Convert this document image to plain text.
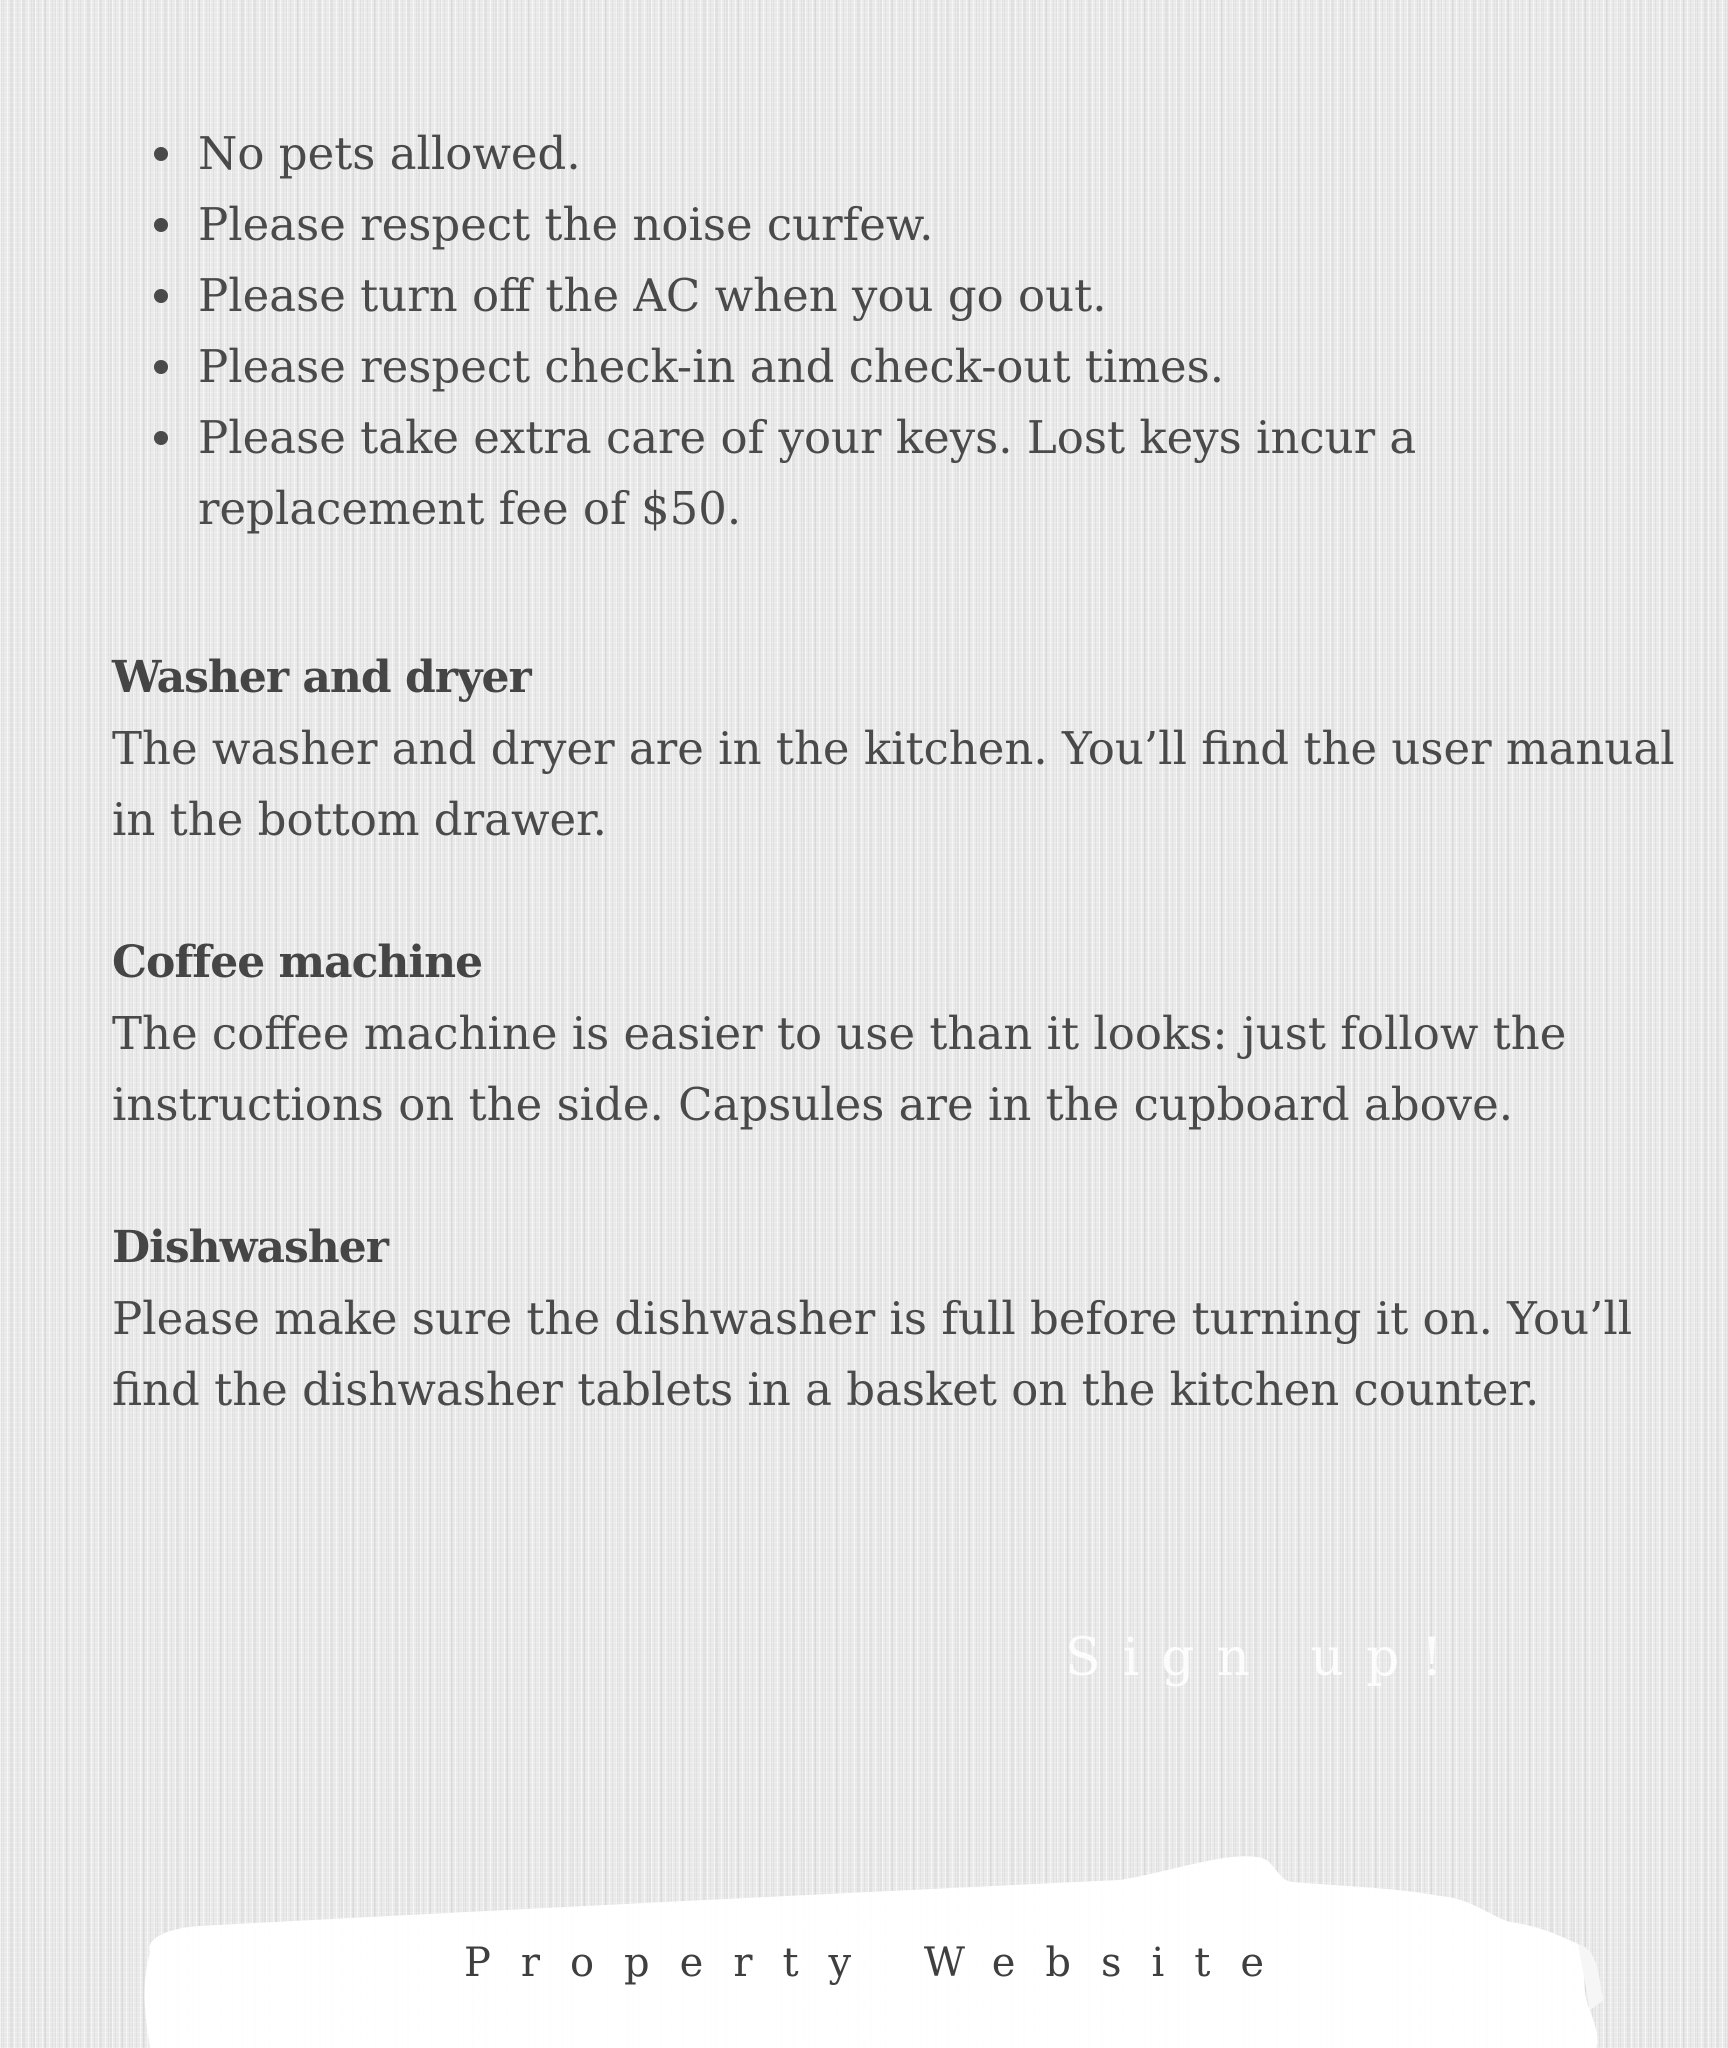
No pets allowed.
Please respect the noise curfew.
Please turn off the AC when you go out.
Please respect check-in and check-out times.
Please take extra care of your keys. Lost keys incur a replacement fee of $50.
Washer and dryer

The washer and dryer are in the kitchen. You’ll find the user manual in the bottom drawer.

Coffee machine

The coffee machine is easier to use than it looks: just follow the instructions on the side. Capsules are in the cupboard above.

Dishwasher

Please make sure the dishwasher is full before turning it on. You’ll find the dishwasher tablets in a basket on the kitchen counter.

Sign up!
Property Website
